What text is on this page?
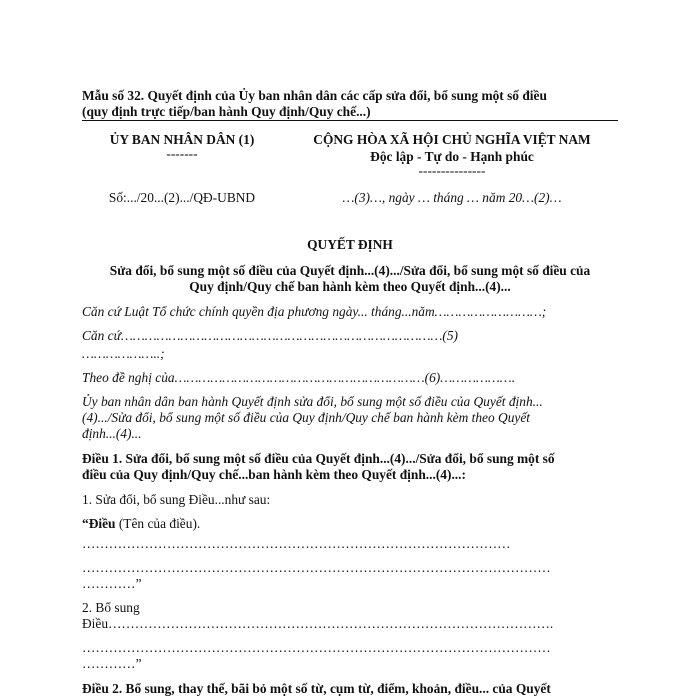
Mẫu số 32. Quyết định của Ủy ban nhân dân các cấp sửa đổi, bổ sung một số điều
(quy định trực tiếp/ban hành Quy định/Quy chế...)
ỦY BAN NHÂN DÂN (1)
-------
Số:.../20...(2).../QĐ-UBND
CỘNG HÒA XÃ HỘI CHỦ NGHĨA VIỆT NAM
Độc lập - Tự do - Hạnh phúc
---------------
…(3)…, ngày … tháng … năm 20…(2)…
QUYẾT ĐỊNH
Sửa đổi, bổ sung một số điều của Quyết định...(4).../Sửa đổi, bổ sung một số điều của
Quy định/Quy chế ban hành kèm theo Quyết định...(4)...
Căn cứ Luật Tổ chức chính quyền địa phương ngày... tháng...năm………………………;
Căn cứ………………………………………………………………………(5)
………………..;
Theo đề nghị của………………………………………………………(6)……………….
Ủy ban nhân dân ban hành Quyết định sửa đổi, bổ sung một số điều của Quyết định...
(4).../Sửa đổi, bổ sung một số điều của Quy định/Quy chế ban hành kèm theo Quyết
định...(4)...
Điều 1. Sửa đổi, bổ sung một số điều của Quyết định...(4).../Sửa đổi, bổ sung một số
điều của Quy định/Quy chế...ban hành kèm theo Quyết định...(4)...:
1. Sửa đổi, bổ sung Điều...như sau:
“Điều (Tên của điều).
……………………………………………………………………………………
……………………………………………………………………………………………
…………”
2. Bổ sung
Điều……………………………………………………………………………………….
……………………………………………………………………………………………
…………”
Điều 2. Bổ sung, thay thế, bãi bỏ một số từ, cụm từ, điểm, khoản, điều... của Quyết
